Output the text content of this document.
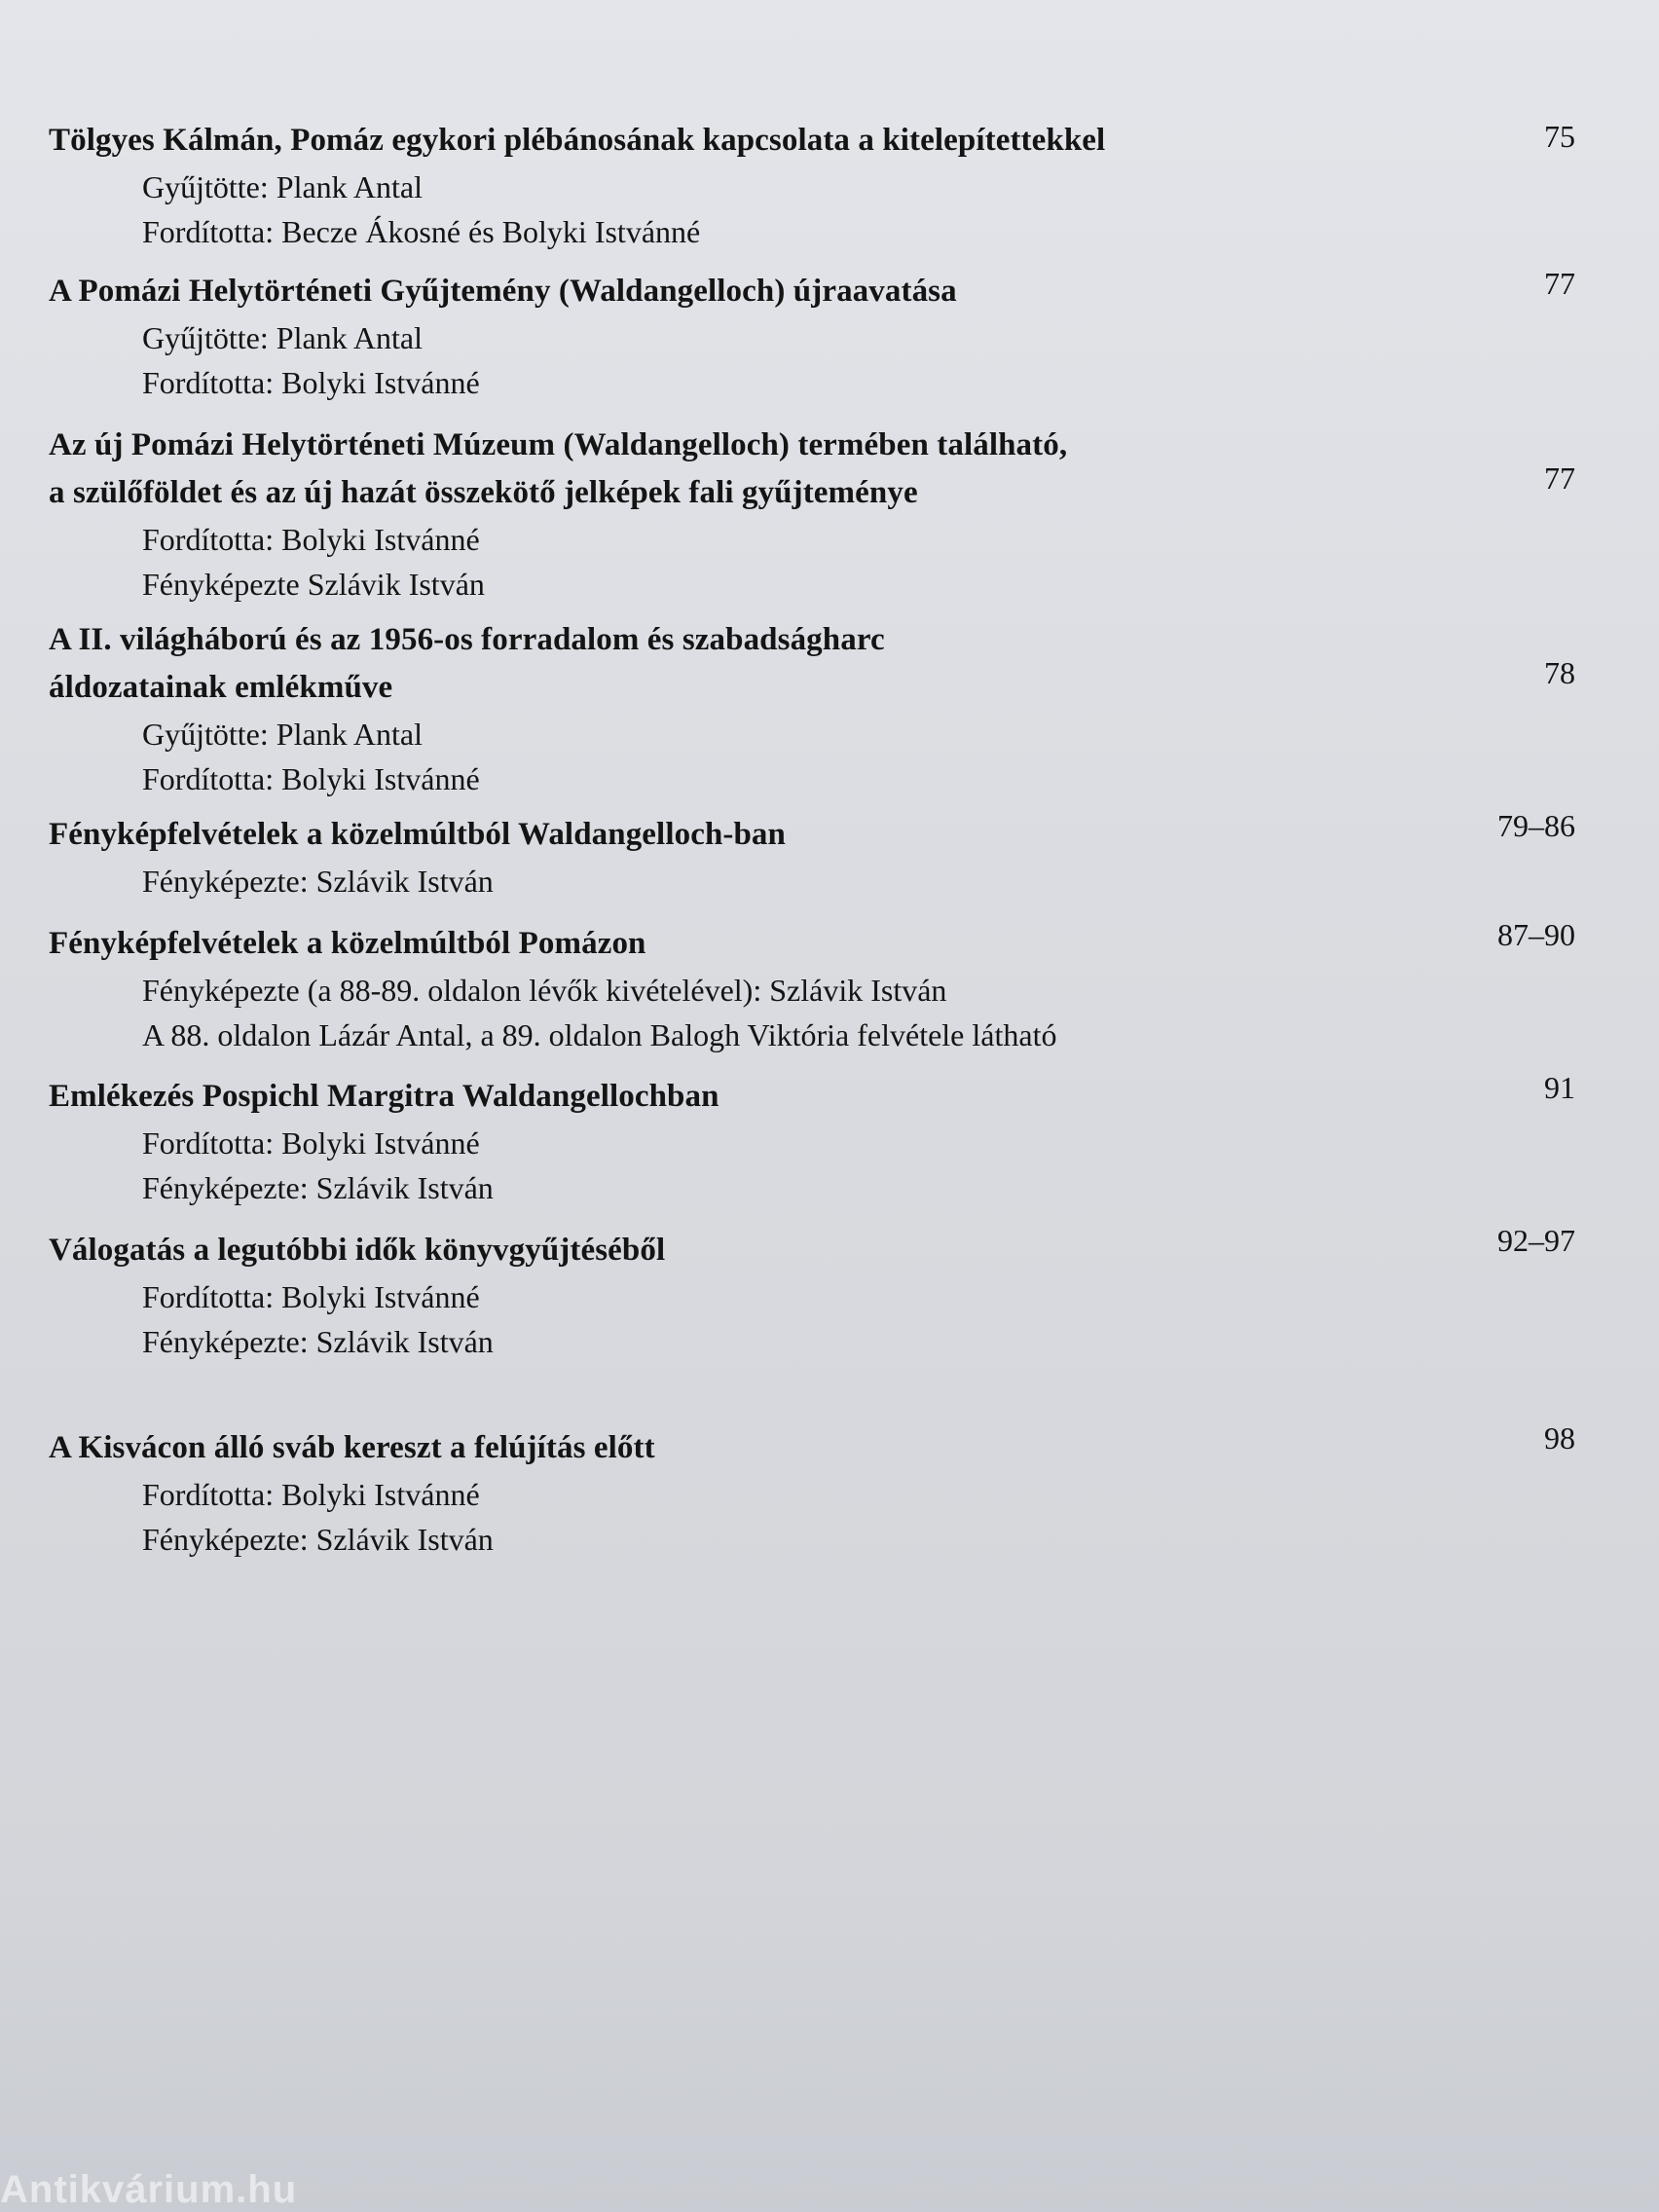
Tölgyes Kálmán, Pomáz egykori plébánosának kapcsolata a kitelepítettekkel
Gyűjtötte: Plank Antal
Fordította: Becze Ákosné és Bolyki Istvánné
75
A Pomázi Helytörténeti Gyűjtemény (Waldangelloch) újraavatása
Gyűjtötte: Plank Antal
Fordította: Bolyki Istvánné
77
Az új Pomázi Helytörténeti Múzeum (Waldangelloch) termében található,
a szülőföldet és az új hazát összekötő jelképek fali gyűjteménye
Fordította: Bolyki Istvánné
Fényképezte Szlávik István
77
A II. világháború és az 1956-os forradalom és szabadságharc
áldozatainak emlékműve
Gyűjtötte: Plank Antal
Fordította: Bolyki Istvánné
78
Fényképfelvételek a közelmúltból Waldangelloch-ban
Fényképezte: Szlávik István
79–86
Fényképfelvételek a közelmúltból Pomázon
Fényképezte (a 88-89. oldalon lévők kivételével): Szlávik István
A 88. oldalon Lázár Antal, a 89. oldalon Balogh Viktória felvétele látható
87–90
Emlékezés Pospichl Margitra Waldangellochban
Fordította: Bolyki Istvánné
Fényképezte: Szlávik István
91
Válogatás a legutóbbi idők könyvgyűjtéséből
Fordította: Bolyki Istvánné
Fényképezte: Szlávik István
92–97
A Kisvácon álló sváb kereszt a felújítás előtt
Fordította: Bolyki Istvánné
Fényképezte: Szlávik István
98
Antikvárium.hu
